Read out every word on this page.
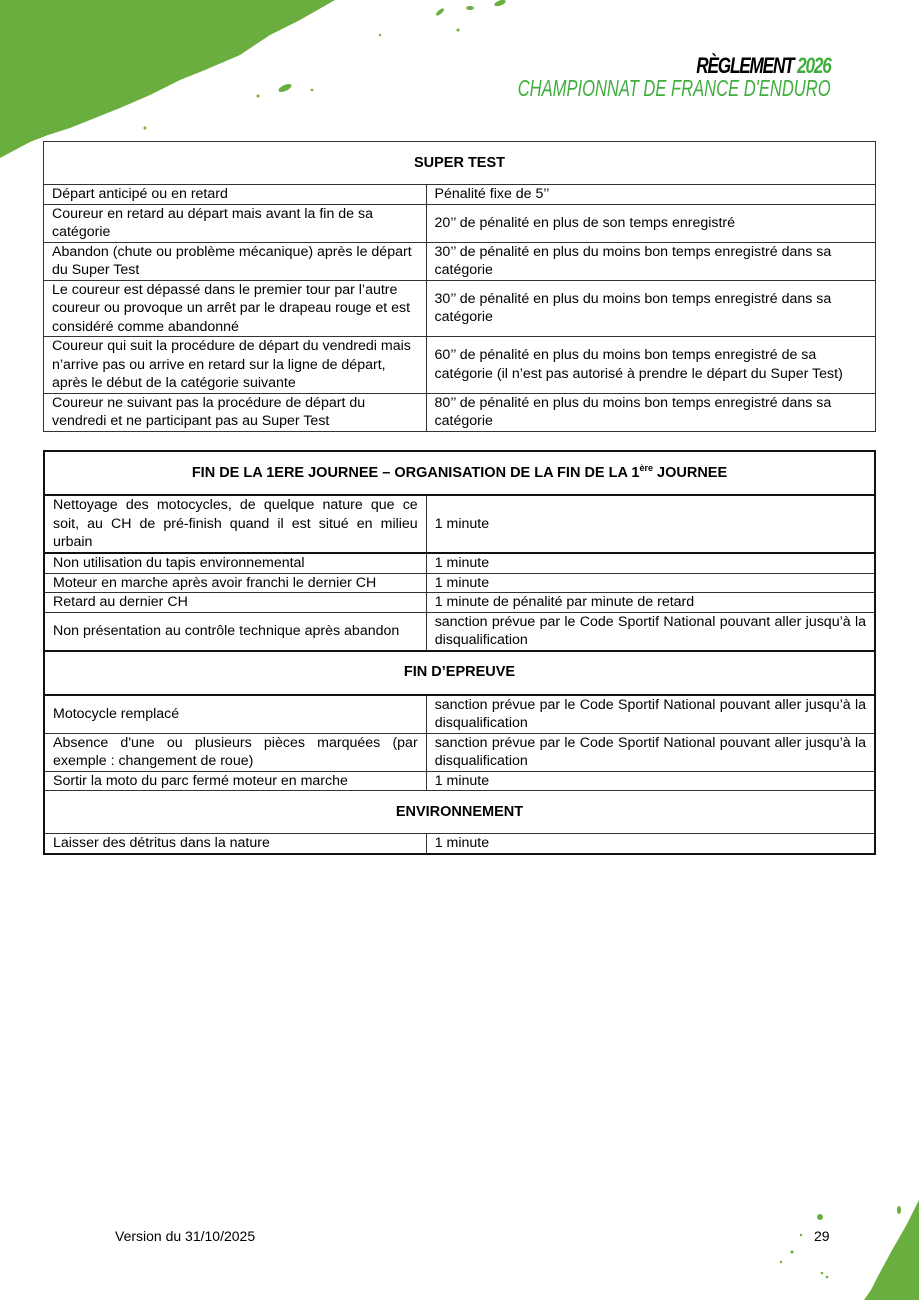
RÈGLEMENT 2026
CHAMPIONNAT DE FRANCE D'ENDURO
SUPER TEST	
Départ anticipé ou en retard	Pénalité fixe de 5’’
Coureur en retard au départ mais avant la fin de sa catégorie	20’’ de pénalité en plus de son temps enregistré
Abandon (chute ou problème mécanique) après le départ du Super Test	30’’ de pénalité en plus du moins bon temps enregistré dans sa catégorie
Le coureur est dépassé dans le premier tour par l’autre coureur ou provoque un arrêt par le drapeau rouge et est considéré comme abandonné	30’’ de pénalité en plus du moins bon temps enregistré dans sa catégorie
Coureur qui suit la procédure de départ du vendredi mais n’arrive pas ou arrive en retard sur la ligne de départ, après le début de la catégorie suivante	60’’ de pénalité en plus du moins bon temps enregistré de sa catégorie (il n’est pas autorisé à prendre le départ du Super Test)
Coureur ne suivant pas la procédure de départ du vendredi et ne participant pas au Super Test	80’’ de pénalité en plus du moins bon temps enregistré dans sa catégorie
FIN DE LA 1ERE JOURNEE – ORGANISATION DE LA FIN DE LA 1ère JOURNEE	
Nettoyage des motocycles, de quelque nature que ce soit, au CH de pré-finish quand il est situé en milieu urbain	1 minute
Non utilisation du tapis environnemental	1 minute
Moteur en marche après avoir franchi le dernier CH	1 minute
Retard au dernier CH	1 minute de pénalité par minute de retard
Non présentation au contrôle technique après abandon	sanction prévue par le Code Sportif National pouvant aller jusqu’à la disqualification
FIN D’EPREUVE	
Motocycle remplacé	sanction prévue par le Code Sportif National pouvant aller jusqu’à la disqualification
Absence d'une ou plusieurs pièces marquées (par exemple : changement de roue)	sanction prévue par le Code Sportif National pouvant aller jusqu’à la disqualification
Sortir la moto du parc fermé moteur en marche	1 minute
ENVIRONNEMENT	
Laisser des détritus dans la nature	1 minute
Version du 31/10/2025	29
